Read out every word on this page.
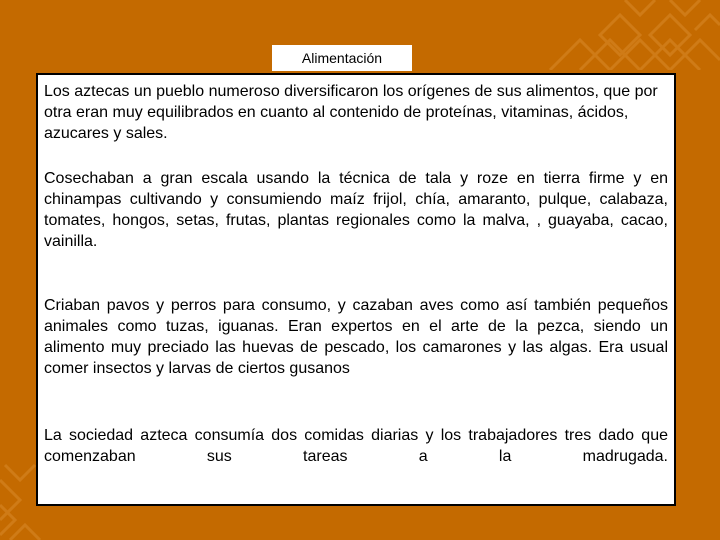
Alimentación

Los aztecas un pueblo numeroso diversificaron los orígenes de sus alimentos, que por otra eran muy equilibrados en cuanto al contenido de proteínas, vitaminas, ácidos, azucares y sales.

Cosechaban a gran escala usando la técnica de tala y roze en tierra firme y en chinampas cultivando y consumiendo maíz frijol, chía, amaranto, pulque, calabaza, tomates, hongos, setas, frutas, plantas regionales como la malva, , guayaba, cacao, vainilla.

Criaban pavos y perros para consumo, y cazaban aves como así también pequeños animales como tuzas, iguanas. Eran expertos en el arte de la pezca, siendo un alimento muy preciado las huevas de pescado, los camarones y las algas. Era usual comer insectos y larvas de ciertos gusanos

La sociedad azteca consumía dos comidas diarias y los trabajadores tres dado que comenzaban sus tareas a la madrugada.
